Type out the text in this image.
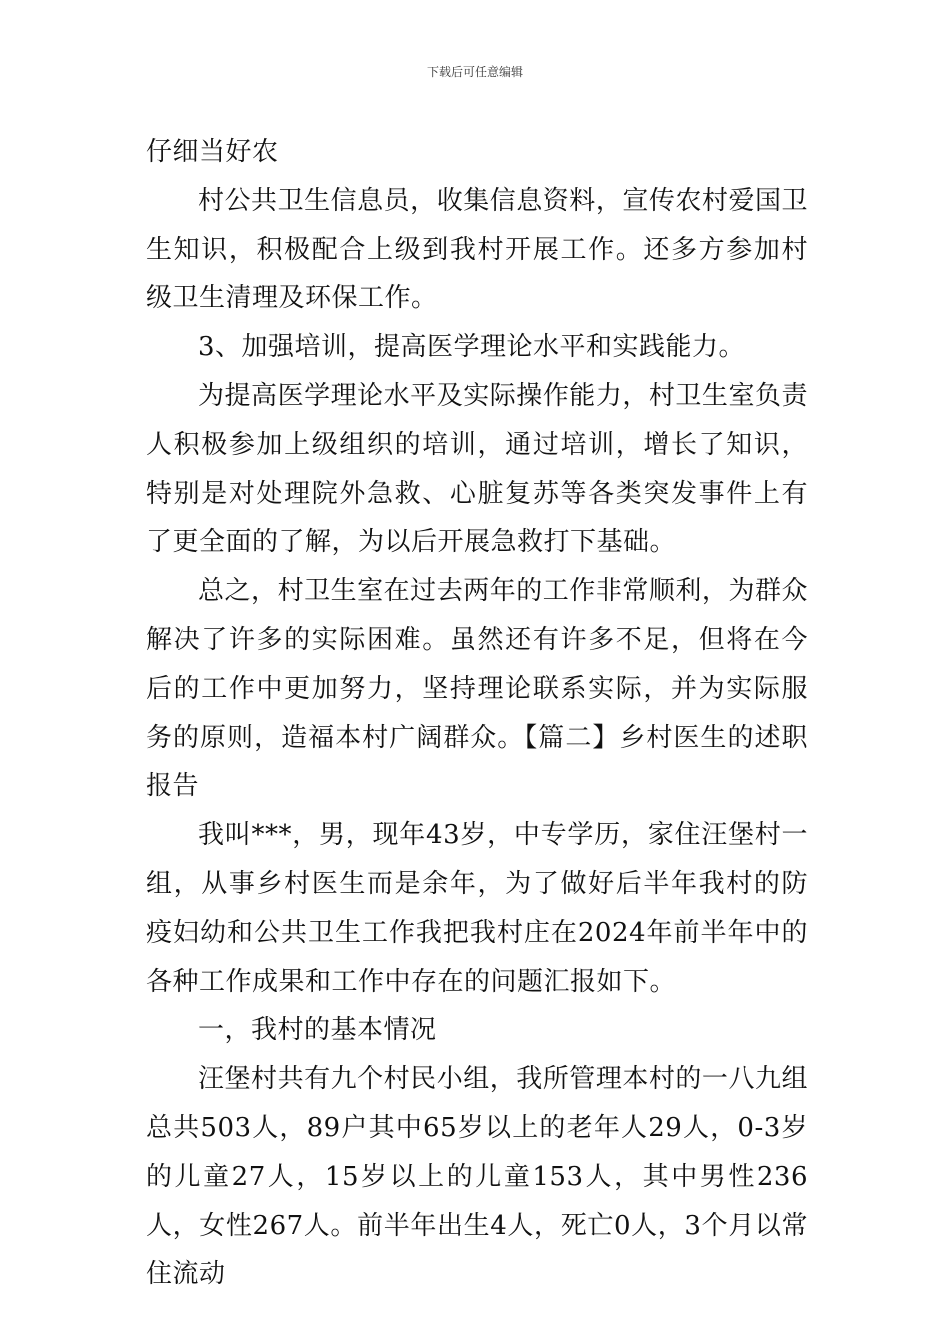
下载后可任意编辑

仔细当好农

村公共卫生信息员，收集信息资料，宣传农村爱国卫生知识，积极配合上级到我村开展工作。还多方参加村级卫生清理及环保工作。

3、加强培训，提高医学理论水平和实践能力。

为提高医学理论水平及实际操作能力，村卫生室负责人积极参加上级组织的培训，通过培训，增长了知识，特别是对处理院外急救、心脏复苏等各类突发事件上有了更全面的了解，为以后开展急救打下基础。

总之，村卫生室在过去两年的工作非常顺利，为群众解决了许多的实际困难。虽然还有许多不足，但将在今后的工作中更加努力，坚持理论联系实际，并为实际服务的原则，造福本村广阔群众。【篇二】乡村医生的述职报告

我叫***，男，现年43岁，中专学历，家住汪堡村一组，从事乡村医生而是余年，为了做好后半年我村的防疫妇幼和公共卫生工作我把我村庄在2024年前半年中的各种工作成果和工作中存在的问题汇报如下。

一，我村的基本情况

汪堡村共有九个村民小组，我所管理本村的一八九组总共503人，89户其中65岁以上的老年人29人，0-3岁的儿童27人，15岁以上的儿童153人，其中男性236人，女性267人。前半年出生4人，死亡0人，3个月以常住流动
